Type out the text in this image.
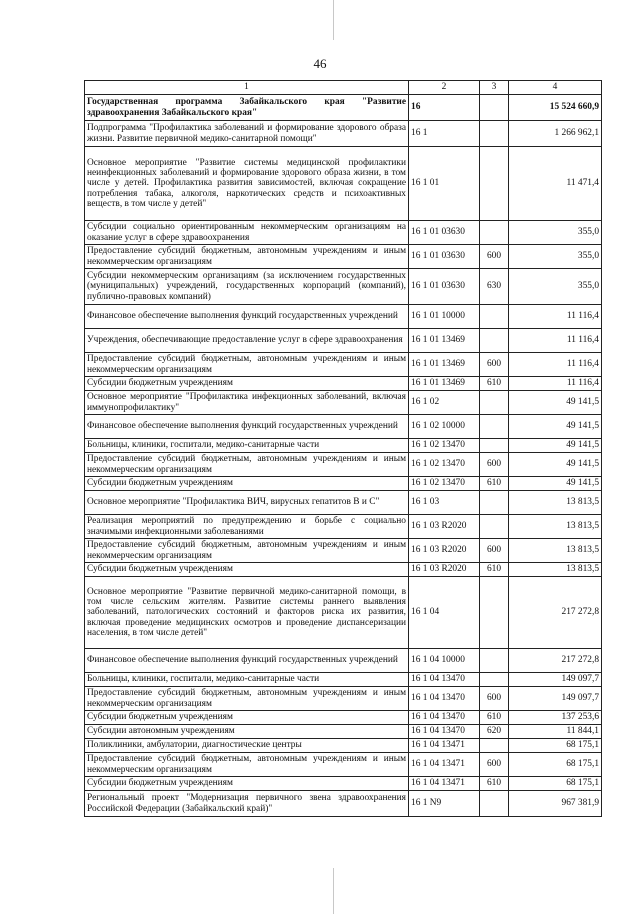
46
1	2	3	4
Государственная программа Забайкальского края "Развитие здравоохранения Забайкальского края"	16		15 524 660,9
Подпрограмма "Профилактика заболеваний и формирование здорового образа жизни. Развитие первичной медико-санитарной помощи"	16 1		1 266 962,1
Основное мероприятие "Развитие системы медицинской профилактики неинфекционных заболеваний и формирование здорового образа жизни, в том числе у детей. Профилактика развития зависимостей, включая сокращение потребления табака, алкоголя, наркотических средств и психоактивных веществ, в том числе у детей"	16 1 01		11 471,4
Субсидии социально ориентированным некоммерческим организациям на оказание услуг в сфере здравоохранения	16 1 01 03630		355,0
Предоставление субсидий бюджетным, автономным учреждениям и иным некоммерческим организациям	16 1 01 03630	600	355,0
Субсидии некоммерческим организациям (за исключением государственных (муниципальных) учреждений, государственных корпораций (компаний), публично-правовых компаний)	16 1 01 03630	630	355,0
Финансовое обеспечение выполнения функций государственных учреждений	16 1 01 10000		11 116,4
Учреждения, обеспечивающие предоставление услуг в сфере здравоохранения	16 1 01 13469		11 116,4
Предоставление субсидий бюджетным, автономным учреждениям и иным некоммерческим организациям	16 1 01 13469	600	11 116,4
Субсидии бюджетным учреждениям	16 1 01 13469	610	11 116,4
Основное мероприятие "Профилактика инфекционных заболеваний, включая иммунопрофилактику"	16 1 02		49 141,5
Финансовое обеспечение выполнения функций государственных учреждений	16 1 02 10000		49 141,5
Больницы, клиники, госпитали, медико-санитарные части	16 1 02 13470		49 141,5
Предоставление субсидий бюджетным, автономным учреждениям и иным некоммерческим организациям	16 1 02 13470	600	49 141,5
Субсидии бюджетным учреждениям	16 1 02 13470	610	49 141,5
Основное мероприятие "Профилактика ВИЧ, вирусных гепатитов В и С"	16 1 03		13 813,5
Реализация мероприятий по предупреждению и борьбе с социально значимыми инфекционными заболеваниями	16 1 03 R2020		13 813,5
Предоставление субсидий бюджетным, автономным учреждениям и иным некоммерческим организациям	16 1 03 R2020	600	13 813,5
Субсидии бюджетным учреждениям	16 1 03 R2020	610	13 813,5
Основное мероприятие "Развитие первичной медико-санитарной помощи, в том числе сельским жителям. Развитие системы раннего выявления заболеваний, патологических состояний и факторов риска их развития, включая проведение медицинских осмотров и проведение диспансеризации населения, в том числе детей"	16 1 04		217 272,8
Финансовое обеспечение выполнения функций государственных учреждений	16 1 04 10000		217 272,8
Больницы, клиники, госпитали, медико-санитарные части	16 1 04 13470		149 097,7
Предоставление субсидий бюджетным, автономным учреждениям и иным некоммерческим организациям	16 1 04 13470	600	149 097,7
Субсидии бюджетным учреждениям	16 1 04 13470	610	137 253,6
Субсидии автономным учреждениям	16 1 04 13470	620	11 844,1
Поликлиники, амбулатории, диагностические центры	16 1 04 13471		68 175,1
Предоставление субсидий бюджетным, автономным учреждениям и иным некоммерческим организациям	16 1 04 13471	600	68 175,1
Субсидии бюджетным учреждениям	16 1 04 13471	610	68 175,1
Региональный проект "Модернизация первичного звена здравоохранения Российской Федерации (Забайкальский край)"	16 1 N9		967 381,9
